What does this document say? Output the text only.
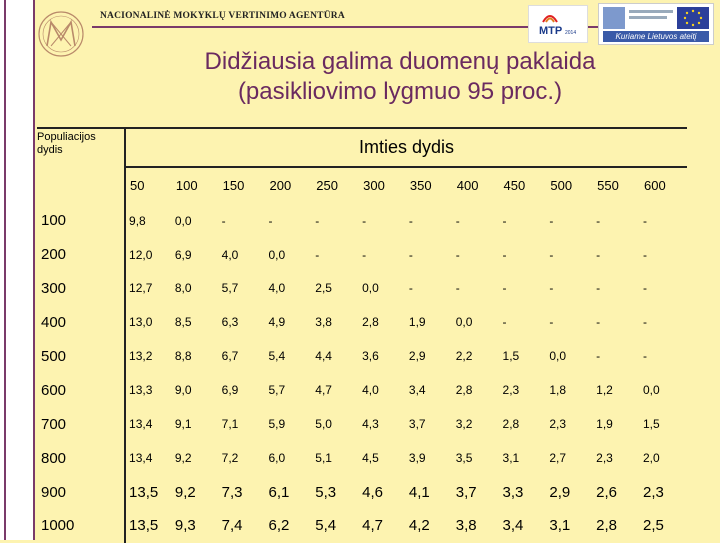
NACIONALINĖ MOKYKLŲ VERTINIMO AGENTŪRA
MTP 2014	Kuriame Lietuvos ateitį
Didžiausia galima duomenų paklaida
(pasikliovimo lygmuo 95 proc.)
Populiacijos
dydis	Imties dydis											
	50	100	150	200	250	300	350	400	450	500	550	600
100	9,8	0,0	-	-	-	-	-	-	-	-	-	-
200	12,0	6,9	4,0	0,0	-	-	-	-	-	-	-	-
300	12,7	8,0	5,7	4,0	2,5	0,0	-	-	-	-	-	-
400	13,0	8,5	6,3	4,9	3,8	2,8	1,9	0,0	-	-	-	-
500	13,2	8,8	6,7	5,4	4,4	3,6	2,9	2,2	1,5	0,0	-	-
600	13,3	9,0	6,9	5,7	4,7	4,0	3,4	2,8	2,3	1,8	1,2	0,0
700	13,4	9,1	7,1	5,9	5,0	4,3	3,7	3,2	2,8	2,3	1,9	1,5
800	13,4	9,2	7,2	6,0	5,1	4,5	3,9	3,5	3,1	2,7	2,3	2,0
900	13,5	9,2	7,3	6,1	5,3	4,6	4,1	3,7	3,3	2,9	2,6	2,3
1000	13,5	9,3	7,4	6,2	5,4	4,7	4,2	3,8	3,4	3,1	2,8	2,5
